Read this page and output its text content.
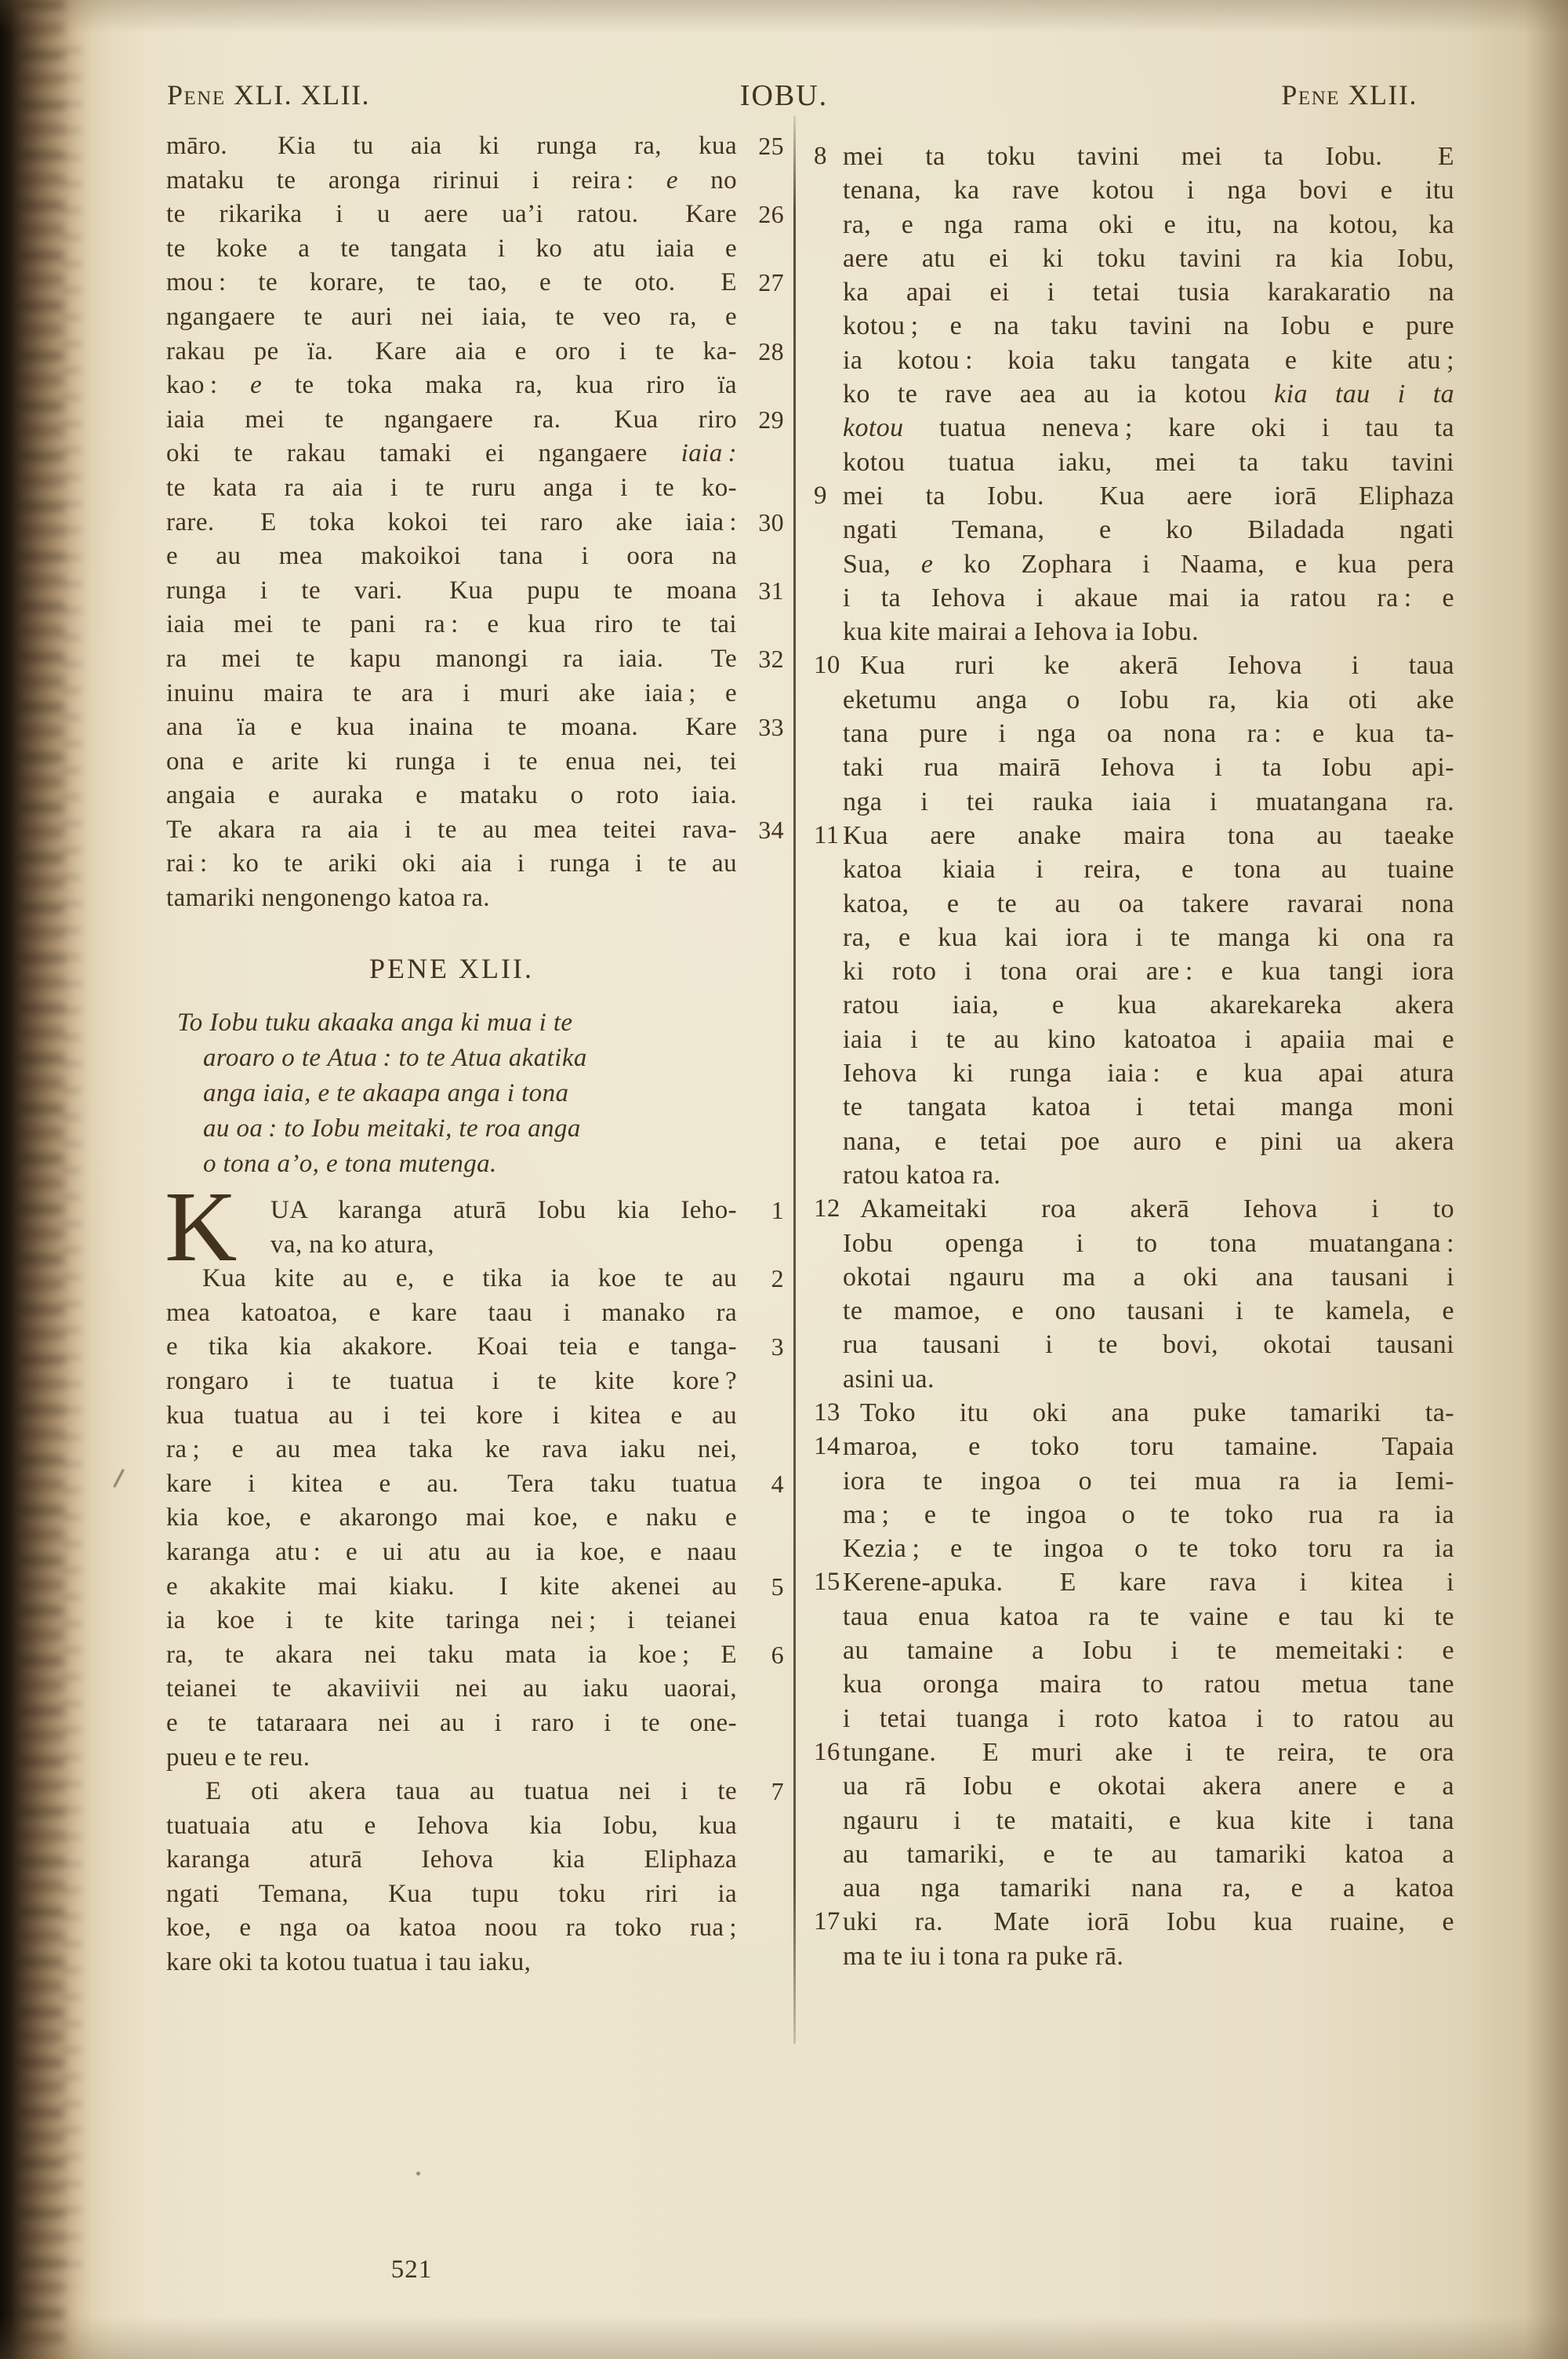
Pene XLI. XLII.	IOBU.	Pene XLII.
māro.  Kia tu aia ki runga ra, kua 25
mataku te aronga ririnui i reira : e no
te rikarika i u aere ua’i ratou.  Kare 26
te koke a te tangata i ko atu iaia e
mou : te korare, te tao, e te oto.  E 27
ngangaere te auri nei iaia, te veo ra, e
rakau pe ïa.  Kare aia e oro i te ka- 28
kao : e te toka maka ra, kua riro ïa
iaia mei te ngangaere ra.  Kua riro 29
oki te rakau tamaki ei ngangaere iaia :
te kata ra aia i te ruru anga i te ko-
rare.  E toka kokoi tei raro ake iaia : 30
e au mea makoikoi tana i oora na
runga i te vari.  Kua pupu te moana 31
iaia mei te pani ra : e kua riro te tai
ra mei te kapu manongi ra iaia.  Te 32
inuinu maira te ara i muri ake iaia ; e
ana ïa e kua inaina te moana.  Kare 33
ona e arite ki runga i te enua nei, tei
angaia e auraka e mataku o roto iaia.
Te akara ra aia i te au mea teitei rava- 34
rai : ko te ariki oki aia i runga i te au
tamariki nengonengo katoa ra.
PENE XLII.
To Iobu tuku akaaka anga ki mua i te
aroaro o te Atua : to te Atua akatika
anga iaia, e te akaapa anga i tona
au oa : to Iobu meitaki, te roa anga
o tona a’o, e tona mutenga.
K	UA karanga aturā Iobu kia Ieho-	1
va, na ko atura,
Kua kite au e, e tika ia koe te au	2
mea katoatoa, e kare taau i manako ra
e tika kia akakore.  Koai teia e tanga-	3
rongaro i te tuatua i te kite kore ?
kua tuatua au i tei kore i kitea e au
ra ; e au mea taka ke rava iaku nei,
kare i kitea e au.  Tera taku tuatua	4
kia koe, e akarongo mai koe, e naku e
karanga atu : e ui atu au ia koe, e naau
e akakite mai kiaku.  I kite akenei au	5
ia koe i te kite taringa nei ; i teianei
ra, te akara nei taku mata ia koe ; E	6
teianei te akaviivii nei au iaku uaorai,
e te tataraara nei au i raro i te one-
pueu e te reu.
E oti akera taua au tuatua nei i te	7
tuatuaia atu e Iehova kia Iobu, kua
karanga aturā Iehova kia Eliphaza
ngati Temana, Kua tupu toku riri ia
koe, e nga oa katoa noou ra toko rua ;
kare oki ta kotou tuatua i tau iaku,
8 mei ta toku tavini mei ta Iobu.  E
tenana, ka rave kotou i nga bovi e itu
ra, e nga rama oki e itu, na kotou, ka
aere atu ei ki toku tavini ra kia Iobu,
ka apai ei i tetai tusia karakaratio na
kotou ; e na taku tavini na Iobu e pure
ia kotou : koia taku tangata e kite atu ;
ko te rave aea au ia kotou kia tau i ta
kotou tuatua neneva ; kare oki i tau ta
kotou tuatua iaku, mei ta taku tavini
9 mei ta Iobu.  Kua aere iorā Eliphaza
ngati Temana, e ko Biladada ngati
Sua, e ko Zophara i Naama, e kua pera
i ta Iehova i akaue mai ia ratou ra : e
kua kite mairai a Iehova ia Iobu.
10 Kua ruri ke akerā Iehova i taua
eketumu anga o Iobu ra, kia oti ake
tana pure i nga oa nona ra : e kua ta-
taki rua mairā Iehova i ta Iobu api-
nga i tei rauka iaia i muatangana ra.
11 Kua aere anake maira tona au taeake
katoa kiaia i reira, e tona au tuaine
katoa, e te au oa takere ravarai nona
ra, e kua kai iora i te manga ki ona ra
ki roto i tona orai are : e kua tangi iora
ratou iaia, e kua akarekareka akera
iaia i te au kino katoatoa i apaiia mai e
Iehova ki runga iaia : e kua apai atura
te tangata katoa i tetai manga moni
nana, e tetai poe auro e pini ua akera
ratou katoa ra.
12 Akameitaki roa akerā Iehova i to
Iobu openga i to tona muatangana :
okotai ngauru ma a oki ana tausani i
te mamoe, e ono tausani i te kamela, e
rua tausani i te bovi, okotai tausani
asini ua.
13 Toko itu oki ana puke tamariki ta-
14 maroa, e toko toru tamaine.  Tapaia
iora te ingoa o tei mua ra ia Iemi-
ma ; e te ingoa o te toko rua ra ia
Kezia ; e te ingoa o te toko toru ra ia
15 Kerene-apuka.  E kare rava i kitea i
taua enua katoa ra te vaine e tau ki te
au tamaine a Iobu i te memeitaki : e
kua oronga maira to ratou metua tane
i tetai tuanga i roto katoa i to ratou au
16 tungane.  E muri ake i te reira, te ora
ua rā Iobu e okotai akera anere e a
ngauru i te mataiti, e kua kite i tana
au tamariki, e te au tamariki katoa a
aua nga tamariki nana ra, e a katoa
17 uki ra.  Mate iorā Iobu kua ruaine, e
ma te iu i tona ra puke rā.
521
